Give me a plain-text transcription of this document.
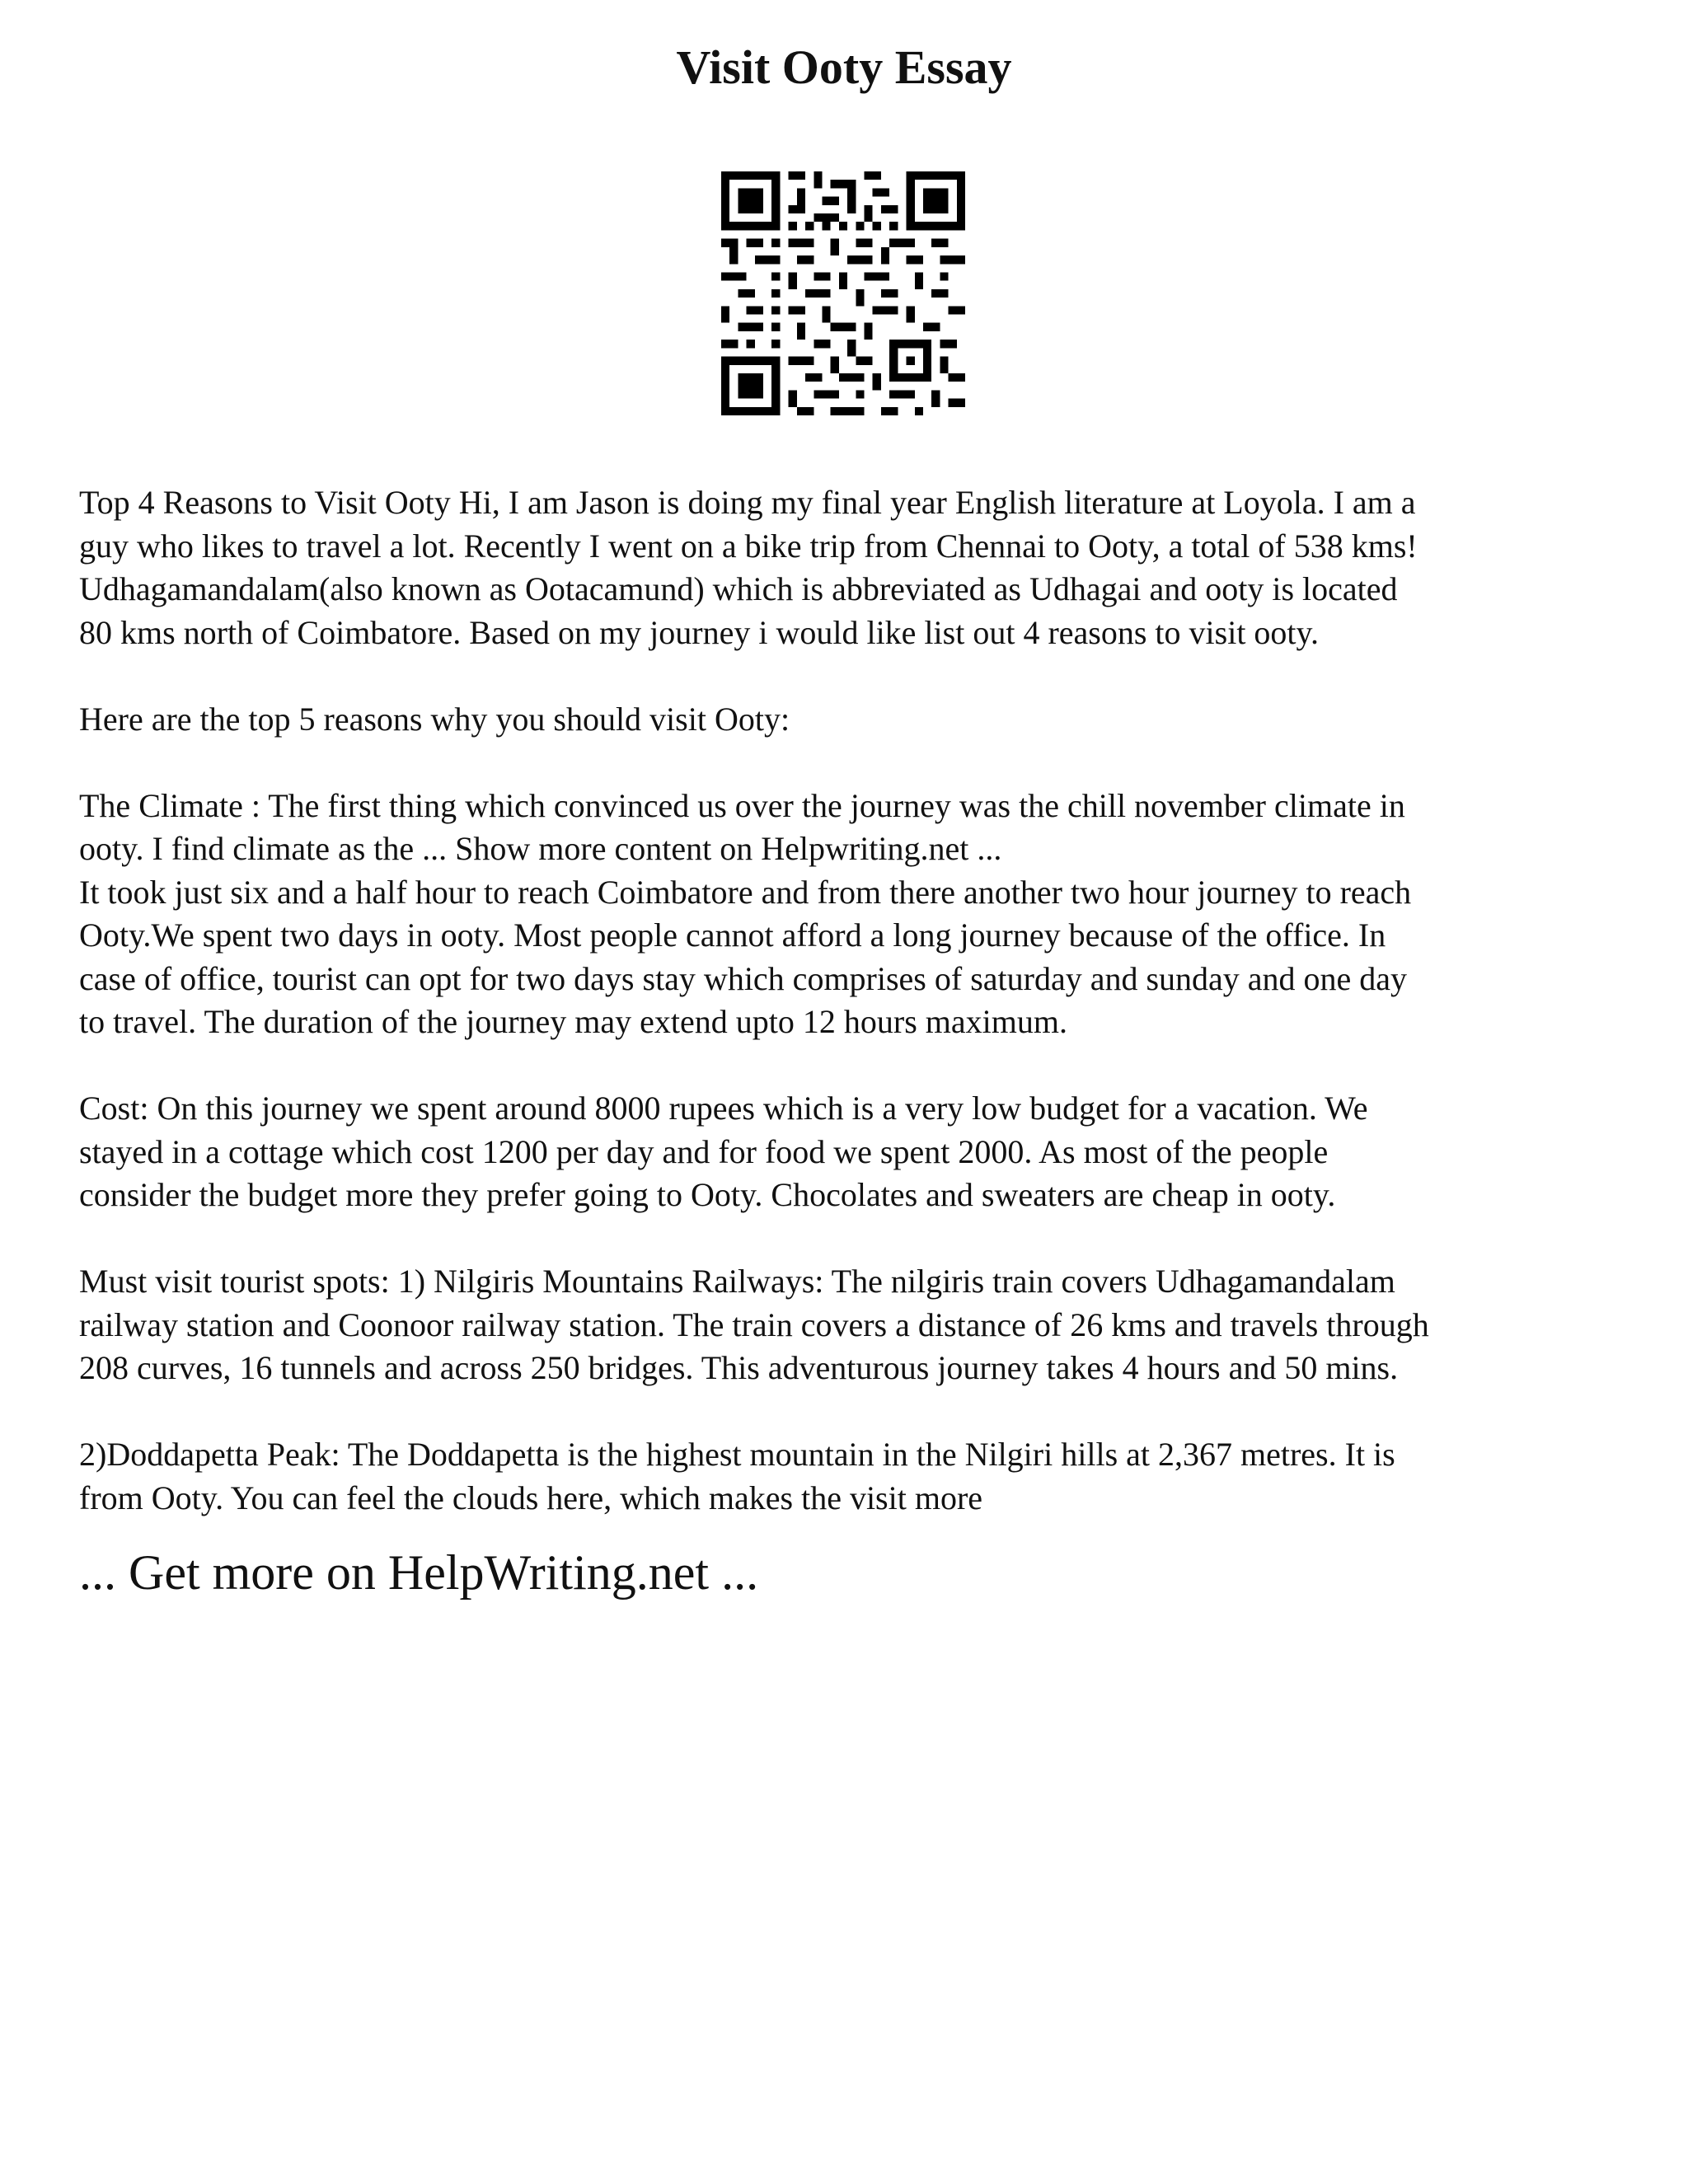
Visit Ooty Essay

Top 4 Reasons to Visit Ooty Hi, I am Jason is doing my final year English literature at Loyola. I am a
guy who likes to travel a lot. Recently I went on a bike trip from Chennai to Ooty, a total of 538 kms!
Udhagamandalam(also known as Ootacamund) which is abbreviated as Udhagai and ooty is located
80 kms north of Coimbatore. Based on my journey i would like list out 4 reasons to visit ooty.

Here are the top 5 reasons why you should visit Ooty:

The Climate : The first thing which convinced us over the journey was the chill november climate in
ooty. I find climate as the ... Show more content on Helpwriting.net ...

It took just six and a half hour to reach Coimbatore and from there another two hour journey to reach
Ooty.We spent two days in ooty. Most people cannot afford a long journey because of the office. In
case of office, tourist can opt for two days stay which comprises of saturday and sunday and one day
to travel. The duration of the journey may extend upto 12 hours maximum.

Cost: On this journey we spent around 8000 rupees which is a very low budget for a vacation. We
stayed in a cottage which cost 1200 per day and for food we spent 2000. As most of the people
consider the budget more they prefer going to Ooty. Chocolates and sweaters are cheap in ooty.

Must visit tourist spots: 1) Nilgiris Mountains Railways: The nilgiris train covers Udhagamandalam
railway station and Coonoor railway station. The train covers a distance of 26 kms and travels through
208 curves, 16 tunnels and across 250 bridges. This adventurous journey takes 4 hours and 50 mins.

2)Doddapetta Peak: The Doddapetta is the highest mountain in the Nilgiri hills at 2,367 metres. It is
from Ooty. You can feel the clouds here, which makes the visit more

... Get more on HelpWriting.net ...
